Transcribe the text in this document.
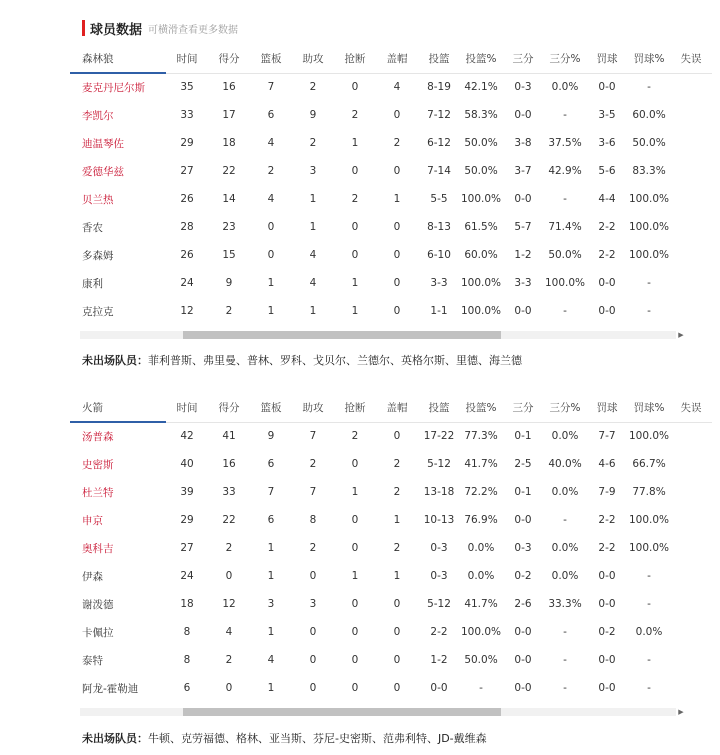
球员数据 可横滑查看更多数据
森林狼	时间	得分	篮板	助攻	抢断	盖帽	投篮	投篮%	三分	三分%	罚球	罚球%	失误
麦克丹尼尔斯	35	16	7	2	0	4	8-19	42.1%	0-3	0.0%	0-0	-	
李凯尔	33	17	6	9	2	0	7-12	58.3%	0-0	-	3-5	60.0%	
迪温琴佐	29	18	4	2	1	2	6-12	50.0%	3-8	37.5%	3-6	50.0%	
爱德华兹	27	22	2	3	0	0	7-14	50.0%	3-7	42.9%	5-6	83.3%	
贝兰热	26	14	4	1	2	1	5-5	100.0%	0-0	-	4-4	100.0%	
香农	28	23	0	1	0	0	8-13	61.5%	5-7	71.4%	2-2	100.0%	
多森姆	26	15	0	4	0	0	6-10	60.0%	1-2	50.0%	2-2	100.0%	
康利	24	9	1	4	1	0	3-3	100.0%	3-3	100.0%	0-0	-	
克拉克	12	2	1	1	1	0	1-1	100.0%	0-0	-	0-0	-	
▶
未出场队员：菲利普斯、弗里曼、普林、罗科、戈贝尔、兰德尔、英格尔斯、里德、海兰德
火箭	时间	得分	篮板	助攻	抢断	盖帽	投篮	投篮%	三分	三分%	罚球	罚球%	失误
汤普森	42	41	9	7	2	0	17-22	77.3%	0-1	0.0%	7-7	100.0%	
史密斯	40	16	6	2	0	2	5-12	41.7%	2-5	40.0%	4-6	66.7%	
杜兰特	39	33	7	7	1	2	13-18	72.2%	0-1	0.0%	7-9	77.8%	
申京	29	22	6	8	0	1	10-13	76.9%	0-0	-	2-2	100.0%	
奥科吉	27	2	1	2	0	2	0-3	0.0%	0-3	0.0%	2-2	100.0%	
伊森	24	0	1	0	1	1	0-3	0.0%	0-2	0.0%	0-0	-	
谢泼德	18	12	3	3	0	0	5-12	41.7%	2-6	33.3%	0-0	-	
卡佩拉	8	4	1	0	0	0	2-2	100.0%	0-0	-	0-2	0.0%	
泰特	8	2	4	0	0	0	1-2	50.0%	0-0	-	0-0	-	
阿龙-霍勒迪	6	0	1	0	0	0	0-0	-	0-0	-	0-0	-	
▶
未出场队员：牛顿、克劳福德、格林、亚当斯、芬尼-史密斯、范弗利特、JD-戴维森
